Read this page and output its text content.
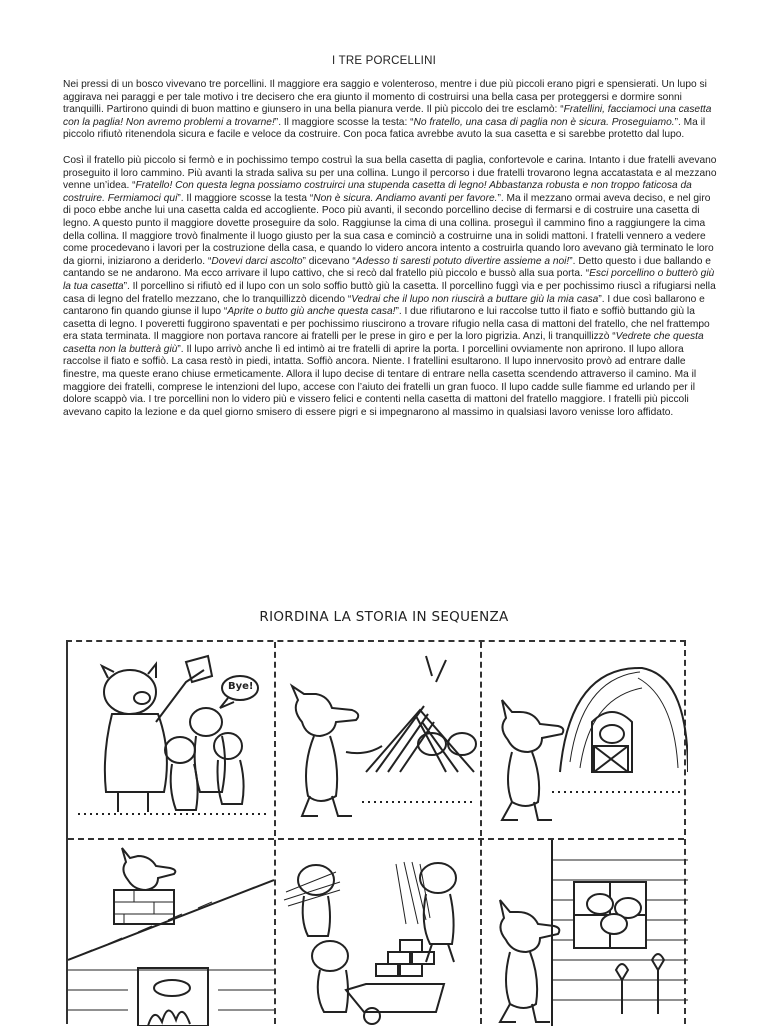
I TRE PORCELLINI

Nei pressi di un bosco vivevano tre porcellini. Il maggiore era saggio e volenteroso, mentre i due più piccoli erano pigri e spensierati. Un lupo si aggirava nei paraggi e per tale motivo i tre decisero che era giunto il momento di costruirsi una bella casa per proteggersi e dormire sonni tranquilli. Partirono quindi di buon mattino e giunsero in una bella pianura verde. Il più piccolo dei tre esclamò: “Fratellini, facciamoci una casetta con la paglia! Non avremo problemi a trovarne!”. Il maggiore scosse la testa: “No fratello, una casa di paglia non è sicura. Proseguiamo.”. Ma il piccolo rifiutò ritenendola sicura e facile e veloce da costruire. Con poca fatica avrebbe avuto la sua casetta e si sarebbe protetto dal lupo.

Così il fratello più piccolo si fermò e in pochissimo tempo costruì la sua bella casetta di paglia, confortevole e carina. Intanto i due fratelli avevano proseguito il loro cammino. Più avanti la strada saliva su per una collina. Lungo il percorso i due fratelli trovarono legna accatastata e al mezzano venne un’idea. “Fratello! Con questa legna possiamo costruirci una stupenda casetta di legno! Abbastanza robusta e non troppo faticosa da costruire. Fermiamoci qui”. Il maggiore scosse la testa “Non è sicura. Andiamo avanti per favore.”. Ma il mezzano ormai aveva deciso, e nel giro di poco ebbe anche lui una casetta calda ed accogliente. Poco più avanti, il secondo porcellino decise di fermarsi e di costruire una casetta di legno. A questo punto il maggiore dovette proseguire da solo. Raggiunse la cima di una collina. proseguì il cammino fino a raggiungere la cima della collina. Il maggiore trovò finalmente il luogo giusto per la sua casa e cominciò a costruirne una in solidi mattoni. I fratelli vennero a vedere come procedevano i lavori per la costruzione della casa, e quando lo videro ancora intento a costruirla quando loro avevano già terminato le loro da giorni, iniziarono a deriderlo. “Dovevi darci ascolto” dicevano “Adesso ti saresti potuto divertire assieme a noi!”. Detto questo i due ballando e cantando se ne andarono. Ma ecco arrivare il lupo cattivo, che si recò dal fratello più piccolo e bussò alla sua porta. “Esci porcellino o butterò giù la tua casetta”. Il porcellino si rifiutò ed il lupo con un solo soffio buttò giù la casetta. Il porcellino fuggì via e per pochissimo riuscì a rifugiarsi nella casa di legno del fratello mezzano, che lo tranquillizzò dicendo “Vedrai che il lupo non riuscirà a buttare giù la mia casa”. I due così ballarono e cantarono fin quando giunse il lupo “Aprite o butto giù anche questa casa!”. I due rifiutarono e lui raccolse tutto il fiato e soffiò buttando giù la casetta di legno. I poveretti fuggirono spaventati e per pochissimo riuscirono a trovare rifugio nella casa di mattoni del fratello, che nel frattempo era stata terminata. Il maggiore non portava rancore ai fratelli per le prese in giro e per la loro pigrizia. Anzi, li tranquillizzò “Vedrete che questa casetta non la butterà giù”. Il lupo arrivò anche lì ed intimò ai tre fratelli di aprire la porta. I porcellini ovviamente non aprirono. Il lupo allora raccolse il fiato e soffiò. La casa restò in piedi, intatta. Soffiò ancora. Niente. I fratellini esultarono. Il lupo innervosito provò ad entrare dalle finestre, ma queste erano chiuse ermeticamente. Allora il lupo decise di tentare di entrare nella casetta scendendo attraverso il camino. Ma il maggiore dei fratelli, comprese le intenzioni del lupo, accese con l’aiuto dei fratelli un gran fuoco. Il lupo cadde sulle fiamme ed urlando per il dolore scappò via. I tre porcellini non lo videro più e vissero felici e contenti nella casetta di mattoni del fratello maggiore. I fratelli più piccoli avevano capito la lezione e da quel giorno smisero di essere pigri e si impegnarono al massimo in qualsiasi lavoro venisse loro affidato.

RIORDINA LA STORIA IN SEQUENZA
Bye!
